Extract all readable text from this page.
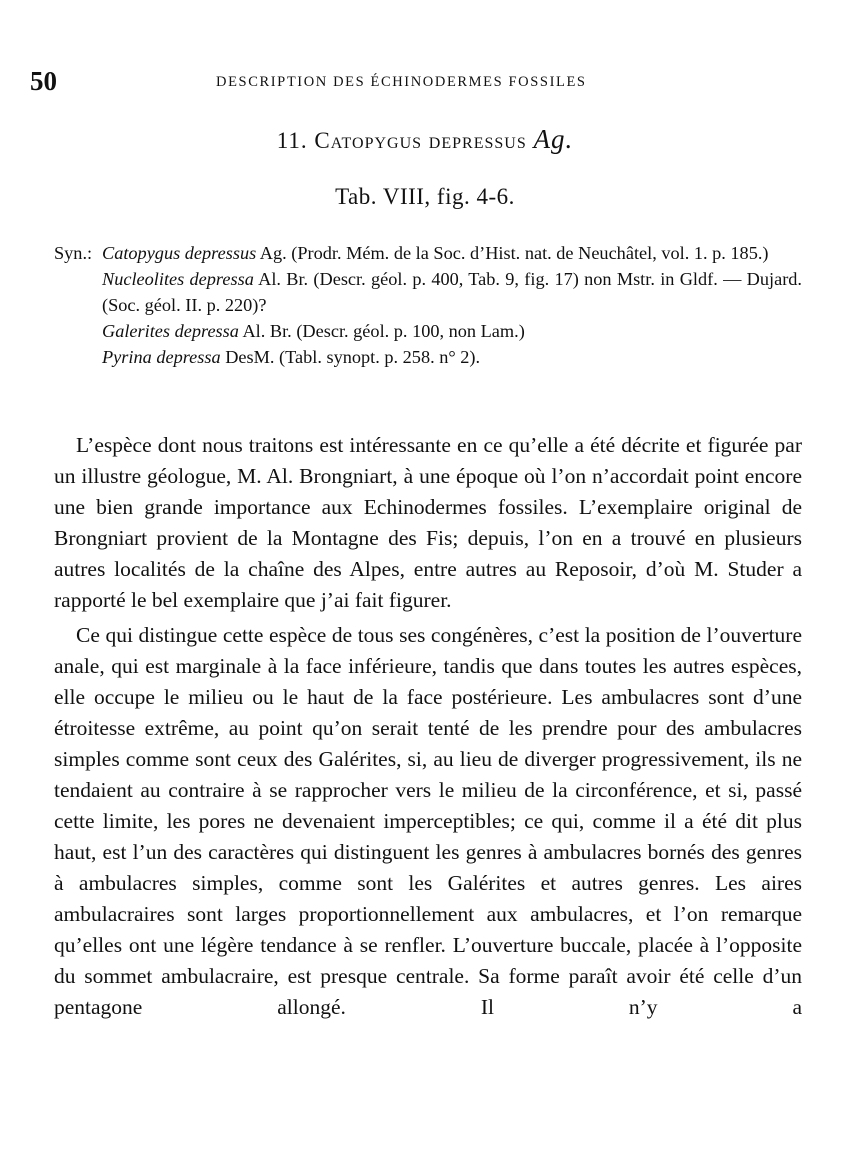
50	DESCRIPTION DES ÉCHINODERMES FOSSILES
11. Catopygus depressus Ag.
Tab. VIII, fig. 4-6.
Syn.: Catopygus depressus Ag. (Prodr. Mém. de la Soc. d’Hist. nat. de Neuchâtel, vol. 1. p. 185.)
Nucleolites depressa Al. Br. (Descr. géol. p. 400, Tab. 9, fig. 17) non Mstr. in Gldf. — Dujard. (Soc. géol. II. p. 220)?
Galerites depressa Al. Br. (Descr. géol. p. 100, non Lam.)
Pyrina depressa DesM. (Tabl. synopt. p. 258. n° 2).

L’espèce dont nous traitons est intéressante en ce qu’elle a été décrite et figurée par un illustre géologue, M. Al. Brongniart, à une époque où l’on n’accordait point encore une bien grande importance aux Echinodermes fossiles. L’exemplaire original de Brongniart provient de la Montagne des Fis; depuis, l’on en a trouvé en plusieurs autres localités de la chaîne des Alpes, entre autres au Reposoir, d’où M. Studer a rapporté le bel exemplaire que j’ai fait figurer.

Ce qui distingue cette espèce de tous ses congénères, c’est la position de l’ouverture anale, qui est marginale à la face inférieure, tandis que dans toutes les autres espèces, elle occupe le milieu ou le haut de la face postérieure. Les ambulacres sont d’une étroitesse extrême, au point qu’on serait tenté de les prendre pour des ambulacres simples comme sont ceux des Galérites, si, au lieu de diverger progressivement, ils ne tendaient au contraire à se rapprocher vers le milieu de la circonférence, et si, passé cette limite, les pores ne devenaient imperceptibles; ce qui, comme il a été dit plus haut, est l’un des caractères qui distinguent les genres à ambulacres bornés des genres à ambulacres simples, comme sont les Galérites et autres genres. Les aires ambulacraires sont larges proportionnellement aux ambulacres, et l’on remarque qu’elles ont une légère tendance à se renfler. L’ouverture buccale, placée à l’opposite du sommet ambulacraire, est presque centrale. Sa forme paraît avoir été celle d’un pentagone allongé. Il n’y a
